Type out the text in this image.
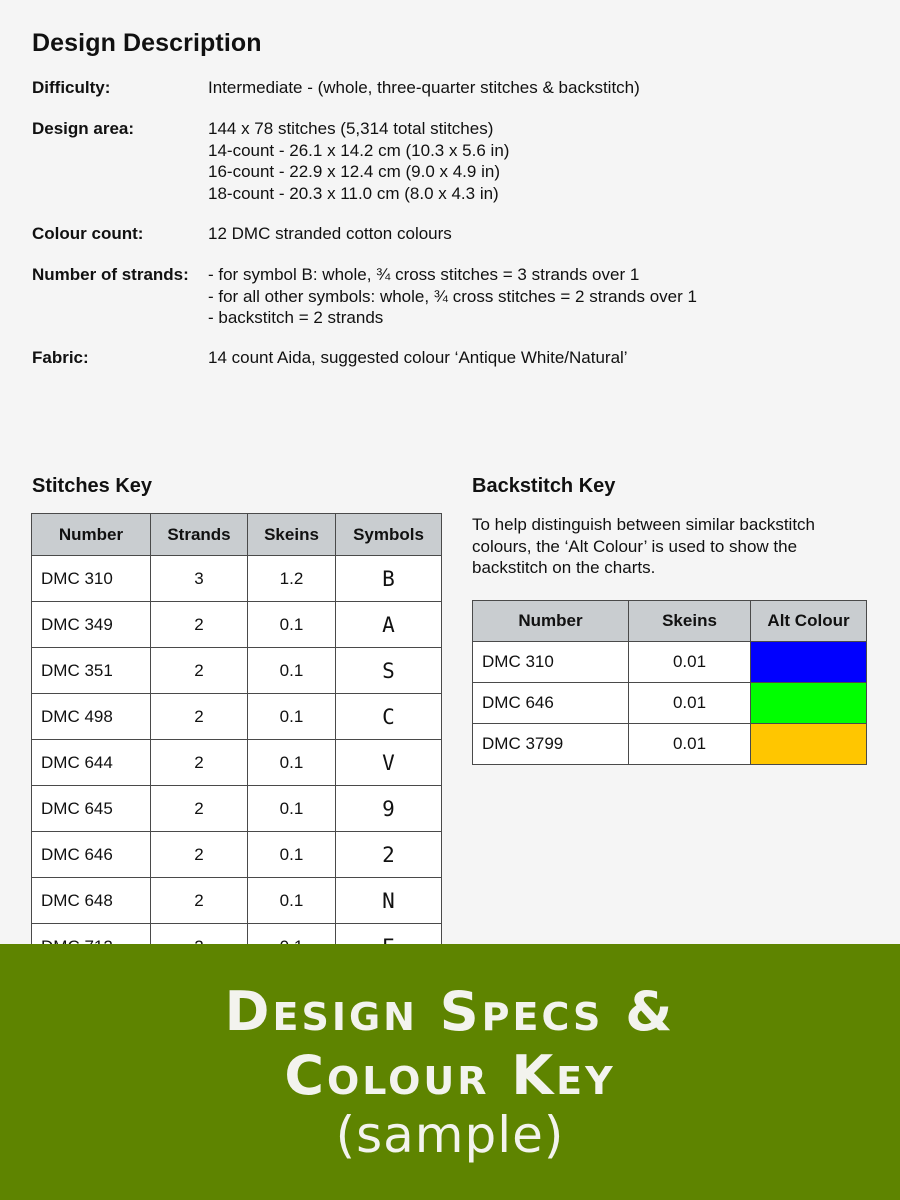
Design Description
Difficulty:	Intermediate - (whole, three-quarter stitches & backstitch)
Design area:	144 x 78 stitches (5,314 total stitches)
14-count - 26.1 x 14.2 cm (10.3 x 5.6 in)
16-count - 22.9 x 12.4 cm (9.0 x 4.9 in)
18-count - 20.3 x 11.0 cm (8.0 x 4.3 in)
Colour count:	12 DMC stranded cotton colours
Number of strands:	- for symbol B: whole, ¾ cross stitches = 3 strands over 1
- for all other symbols: whole, ¾ cross stitches = 2 strands over 1
- backstitch = 2 strands
Fabric:	14 count Aida, suggested colour ‘Antique White/Natural’
Stitches Key
Number	Strands	Skeins	Symbols
DMC 310	3	1.2	B
DMC 349	2	0.1	A
DMC 351	2	0.1	S
DMC 498	2	0.1	C
DMC 644	2	0.1	V
DMC 645	2	0.1	9
DMC 646	2	0.1	2
DMC 648	2	0.1	N

Backstitch Key
To help distinguish between similar backstitch colours, the ‘Alt Colour’ is used to show the backstitch on the charts.
Number	Skeins	Alt Colour
DMC 310	0.01	
DMC 646	0.01	
DMC 3799	0.01	
Design Specs &
Colour Key
(sample)
